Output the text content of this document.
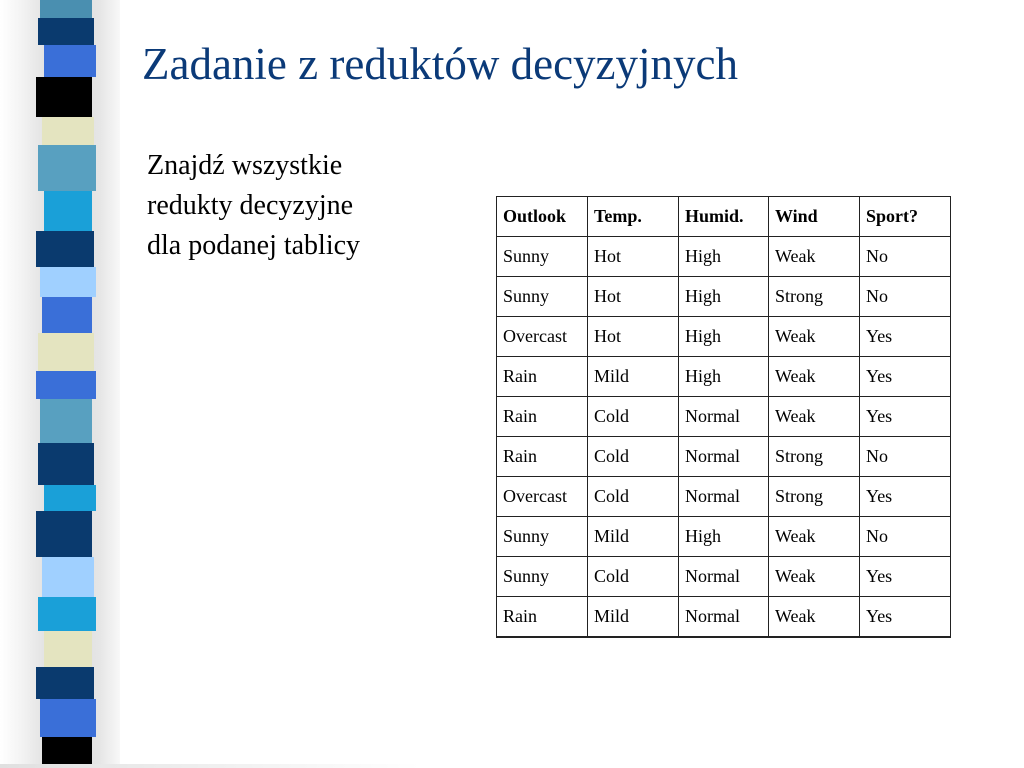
Zadanie z reduktów decyzyjnych
Znajdź wszystkie
redukty decyzyjne
dla podanej tablicy
Outlook	Temp.	Humid.	Wind	Sport?
Sunny	Hot	High	Weak	No
Sunny	Hot	High	Strong	No
Overcast	Hot	High	Weak	Yes
Rain	Mild	High	Weak	Yes
Rain	Cold	Normal	Weak	Yes
Rain	Cold	Normal	Strong	No
Overcast	Cold	Normal	Strong	Yes
Sunny	Mild	High	Weak	No
Sunny	Cold	Normal	Weak	Yes
Rain	Mild	Normal	Weak	Yes
